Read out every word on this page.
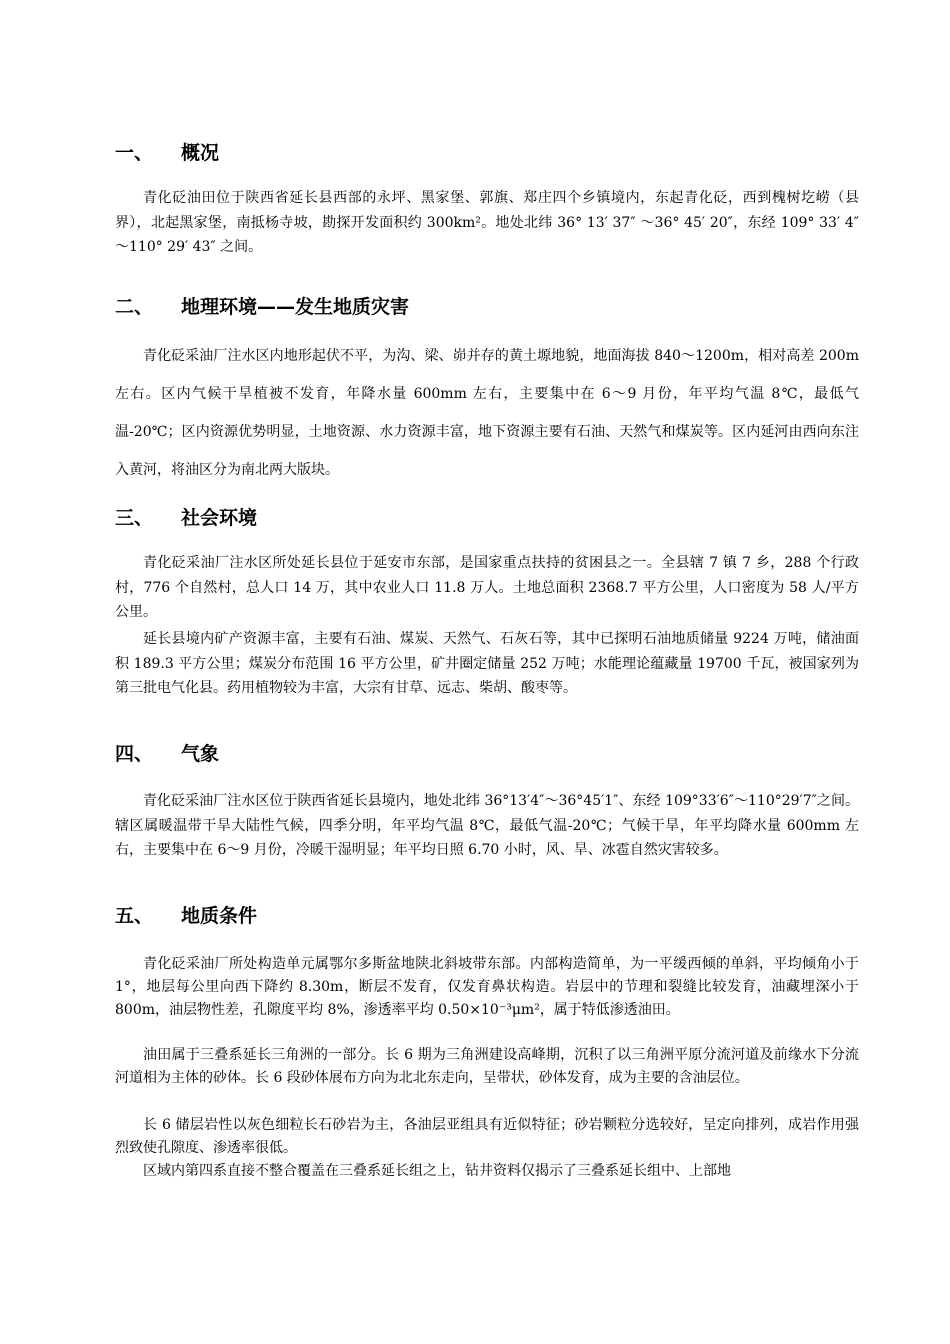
一、 概况

青化砭油田位于陕西省延长县西部的永坪、黑家堡、郭旗、郑庄四个乡镇境内，东起青化砭，西到槐树圪崂（县界），北起黑家堡，南抵杨寺坡，勘探开发面积约 300km²。地处北纬 36° 13′ 37″ ～36° 45′ 20″，东经 109° 33′ 4″ ～110° 29′ 43″ 之间。

二、 地理环境——发生地质灾害

青化砭采油厂注水区内地形起伏不平，为沟、梁、峁并存的黄土塬地貌，地面海拔 840～1200m，相对高差 200m 左右。区内气候干旱植被不发育，年降水量 600mm 左右，主要集中在 6～9 月份，年平均气温 8℃，最低气温-20℃；区内资源优势明显，土地资源、水力资源丰富，地下资源主要有石油、天然气和煤炭等。区内延河由西向东注入黄河，将油区分为南北两大版块。

三、 社会环境

青化砭采油厂注水区所处延长县位于延安市东部，是国家重点扶持的贫困县之一。全县辖 7 镇 7 乡，288 个行政村，776 个自然村，总人口 14 万，其中农业人口 11.8 万人。土地总面积 2368.7 平方公里，人口密度为 58 人/平方公里。

延长县境内矿产资源丰富，主要有石油、煤炭、天然气、石灰石等，其中已探明石油地质储量 9224 万吨，储油面积 189.3 平方公里；煤炭分布范围 16 平方公里，矿井圈定储量 252 万吨；水能理论蕴藏量 19700 千瓦，被国家列为第三批电气化县。药用植物较为丰富，大宗有甘草、远志、柴胡、酸枣等。

四、 气象

青化砭采油厂注水区位于陕西省延长县境内，地处北纬 36°13′4″～36°45′1″、东经 109°33′6″～110°29′7″之间。辖区属暖温带干旱大陆性气候，四季分明，年平均气温 8℃，最低气温-20℃；气候干旱，年平均降水量 600mm 左右，主要集中在 6～9 月份，冷暖干湿明显；年平均日照 6.70 小时，风、旱、冰雹自然灾害较多。

五、 地质条件

青化砭采油厂所处构造单元属鄂尔多斯盆地陕北斜坡带东部。内部构造简单，为一平缓西倾的单斜，平均倾角小于 1°，地层每公里向西下降约 8.30m，断层不发育，仅发育鼻状构造。岩层中的节理和裂缝比较发育，油藏埋深小于 800m，油层物性差，孔隙度平均 8%，渗透率平均 0.50×10⁻³μm²，属于特低渗透油田。

油田属于三叠系延长三角洲的一部分。长 6 期为三角洲建设高峰期，沉积了以三角洲平原分流河道及前缘水下分流河道相为主体的砂体。长 6 段砂体展布方向为北北东走向，呈带状，砂体发育，成为主要的含油层位。

长 6 储层岩性以灰色细粒长石砂岩为主，各油层亚组具有近似特征；砂岩颗粒分选较好，呈定向排列，成岩作用强烈致使孔隙度、渗透率很低。

区域内第四系直接不整合覆盖在三叠系延长组之上，钻井资料仅揭示了三叠系延长组中、上部地
